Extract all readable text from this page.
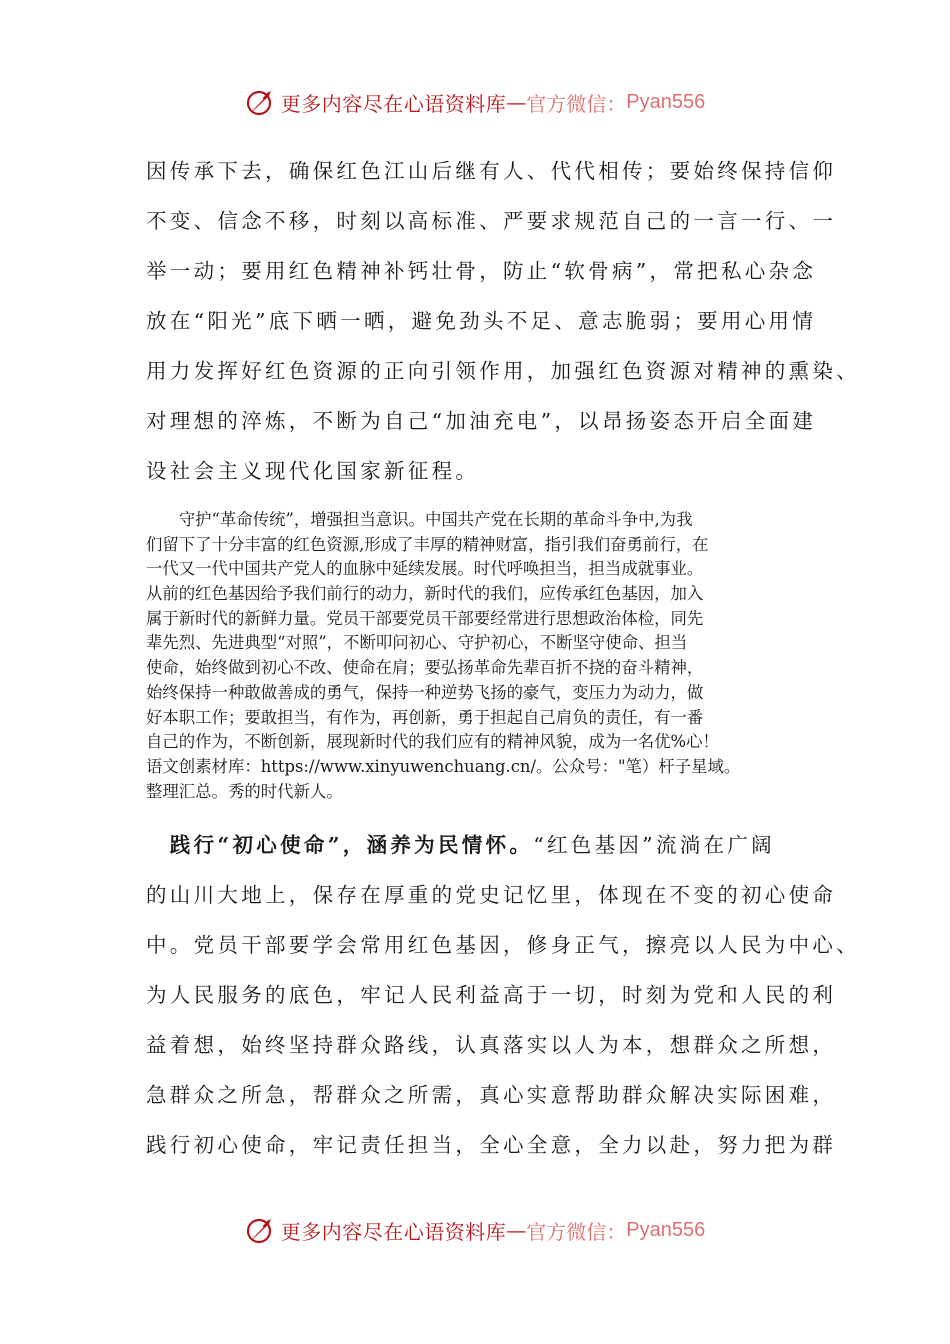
更多内容尽在心语资料库 — 官方微信： Pyan556
因传承下去，确保红色江山后继有人、代代相传；要始终保持信仰
不变、信念不移，时刻以高标准、严要求规范自己的一言一行、一
举一动；要用红色精神补钙壮骨，防止“软骨病”，常把私心杂念
放在“阳光”底下晒一晒，避免劲头不足、意志脆弱；要用心用情
用力发挥好红色资源的正向引领作用，加强红色资源对精神的熏染、
对理想的淬炼，不断为自己“加油充电”，以昂扬姿态开启全面建
设社会主义现代化国家新征程。
　　守护“革命传统”，增强担当意识。中国共产党在长期的革命斗争中,为我
们留下了十分丰富的红色资源,形成了丰厚的精神财富，指引我们奋勇前行，在
一代又一代中国共产党人的血脉中延续发展。时代呼唤担当，担当成就事业。
从前的红色基因给予我们前行的动力，新时代的我们，应传承红色基因，加入
属于新时代的新鲜力量。党员干部要党员干部要经常进行思想政治体检，同先
辈先烈、先进典型“对照”，不断叩问初心、守护初心，不断坚守使命、担当
使命，始终做到初心不改、使命在肩；要弘扬革命先辈百折不挠的奋斗精神，
始终保持一种敢做善成的勇气，保持一种逆势飞扬的豪气，变压力为动力，做
好本职工作；要敢担当，有作为，再创新，勇于担起自己肩负的责任，有一番
自己的作为，不断创新，展现新时代的我们应有的精神风貌，成为一名优%心！
语文创素材库：https://www.xinyuwenchuang.cn/。公众号："笔）杆子星域。
整理汇总。秀的时代新人。
　践行“初心使命”，涵养为民情怀。“红色基因”流淌在广阔
的山川大地上，保存在厚重的党史记忆里，体现在不变的初心使命
中。党员干部要学会常用红色基因，修身正气，擦亮以人民为中心、
为人民服务的底色，牢记人民利益高于一切，时刻为党和人民的利
益着想，始终坚持群众路线，认真落实以人为本，想群众之所想，
急群众之所急，帮群众之所需，真心实意帮助群众解决实际困难，
践行初心使命，牢记责任担当，全心全意，全力以赴，努力把为群
更多内容尽在心语资料库 — 官方微信： Pyan556
